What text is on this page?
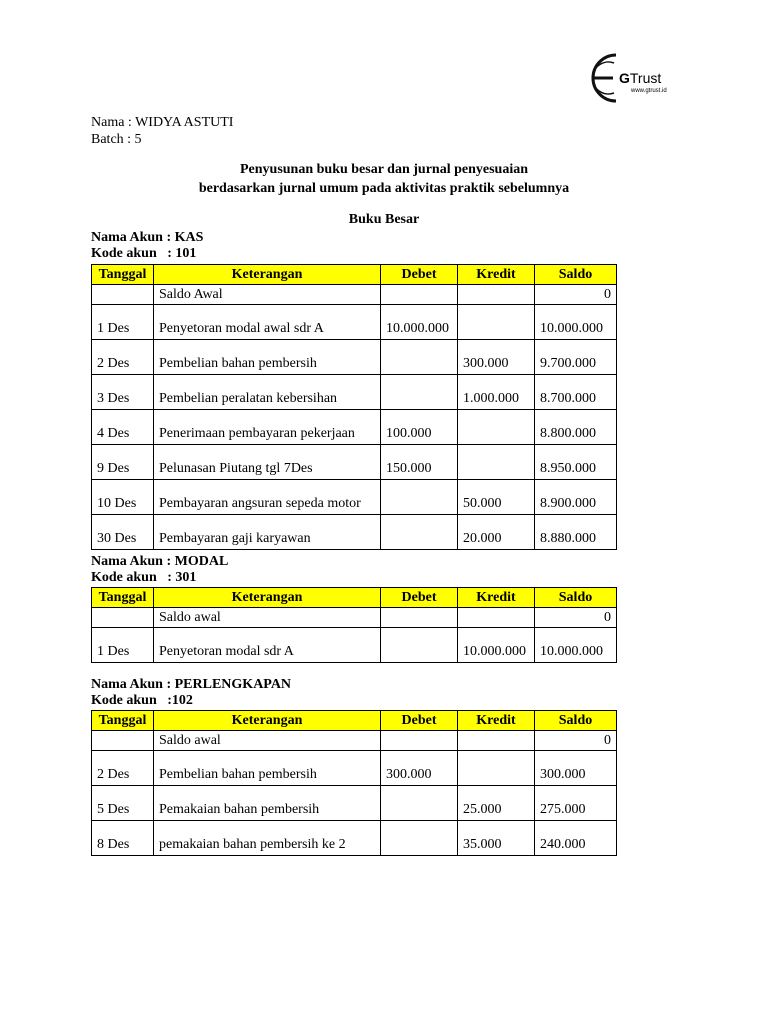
GTrust
www.gtrust.id
Nama : WIDYA ASTUTI
Batch : 5
Penyusunan buku besar dan jurnal penyesuaian
berdasarkan jurnal umum pada aktivitas praktik sebelumnya
Buku Besar
Nama Akun : KAS
Kode akun   : 101
Tanggal	Keterangan	Debet	Kredit	Saldo
	Saldo Awal			0
1 Des	Penyetoran modal awal sdr A	10.000.000		10.000.000
2 Des	Pembelian bahan pembersih		300.000	9.700.000
3 Des	Pembelian peralatan kebersihan		1.000.000	8.700.000
4 Des	Penerimaan pembayaran pekerjaan	100.000		8.800.000
9 Des	Pelunasan Piutang tgl 7Des	150.000		8.950.000
10 Des	Pembayaran angsuran sepeda motor		50.000	8.900.000
30 Des	Pembayaran gaji karyawan		20.000	8.880.000
Nama Akun : MODAL
Kode akun   : 301
Tanggal	Keterangan	Debet	Kredit	Saldo
	Saldo awal			0
1 Des	Penyetoran modal sdr A		10.000.000	10.000.000
Nama Akun : PERLENGKAPAN
Kode akun   :102
Tanggal	Keterangan	Debet	Kredit	Saldo
	Saldo awal			0
2 Des	Pembelian bahan pembersih	300.000		300.000
5 Des	Pemakaian bahan pembersih		25.000	275.000
8 Des	pemakaian bahan pembersih ke 2		35.000	240.000
